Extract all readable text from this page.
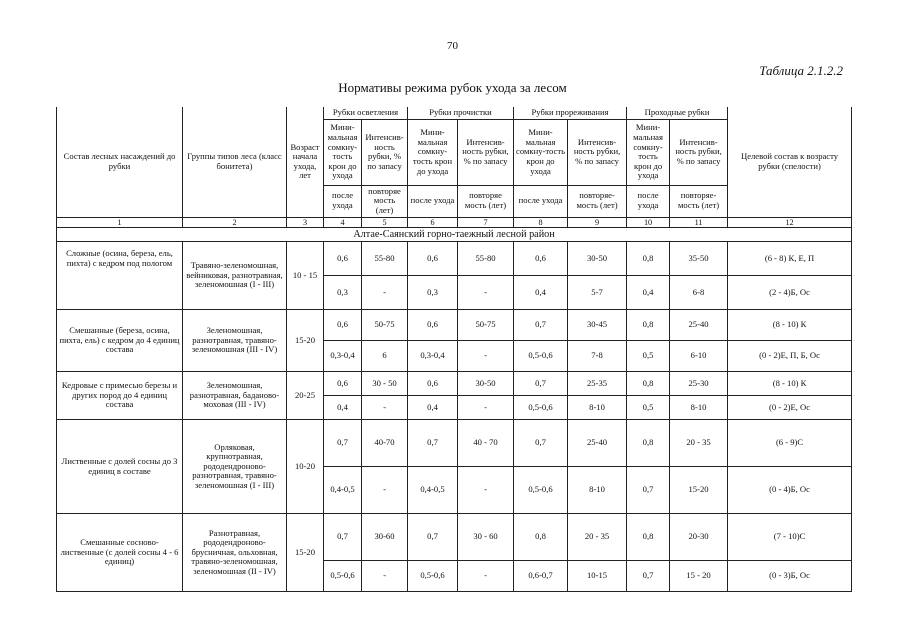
70
Таблица 2.1.2.2
Нормативы режима рубок ухода за лесом
Состав лесных насаждений до рубки	Группы типов леса (класс бонитета)	Возраст начала ухода, лет	Рубки осветления		Рубки прочистки		Рубки прореживания		Проходные рубки		Целевой состав к возрасту рубки (спелости)
			Мини-мальная сомкну-тость крон до ухода	Интенсив-ность рубки, % по запасу	Мини-мальная сомкну-тость крон до ухода	Интенсив-ность рубки, % по запасу	Мини-мальная сомкну-тость крон до ухода	Интенсив-ность рубки, % по запасу	Мини-мальная сомкну-тость крон до ухода	Интенсив-ность рубки, % по запасу	
			после ухода	повторяе мость (лет)	после ухода	повторяе мость (лет)	после ухода	повторяе-мость (лет)	после ухода	повторяе-мость (лет)	
1	2	3	4	5	6	7	8	9	10	11	12
Алтае-Саянский горно-таежный лесной район											
Сложные (осина, береза, ель, пихта) с кедром под пологом	Травяно-зеленомошная, вейниковая, разнотравная, зеленомошная (I - III)	10 - 15	0,6	55-80	0,6	55-80	0,6	30-50	0,8	35-50	(6 - 8) К, Е, П
			0,3	-	0,3	-	0,4	5-7	0,4	6-8	(2 - 4)Б, Ос
Смешанные (береза, осина, пихта, ель) с кедром до 4 единиц состава	Зеленомошная, разнотравная, травяно-зеленомошная (III - IV)	15-20	0,6	50-75	0,6	50-75	0,7	30-45	0,8	25-40	(8 - 10) К
			0,3-0,4	6	0,3-0,4	-	0,5-0,6	7-8	0,5	6-10	(0 - 2)Е, П, Б, Ос
Кедровые с примесью березы и других пород до 4 единиц состава	Зеленомошная, разнотравная, баданово-моховая (III - IV)	20-25	0,6	30 - 50	0,6	30-50	0,7	25-35	0,8	25-30	(8 - 10) К
			0,4	-	0,4	-	0,5-0,6	8-10	0,5	8-10	(0 - 2)Е, Ос
Лиственные с долей сосны до 3 единиц в составе	Орляковая, крупнотравная, рододендроново-разнотравная, травяно-зеленомошная (I - III)	10-20	0,7	40-70	0,7	40 - 70	0,7	25-40	0,8	20 - 35	(6 - 9)С
			0,4-0,5	-	0,4-0,5	-	0,5-0,6	8-10	0,7	15-20	(0 - 4)Б, Ос
Смешанные сосново-лиственные (с долей сосны 4 - 6 единиц)	Разнотравная, рододендроново-брусничная, ольховная, травяно-зеленомошная, зеленомошная (II - IV)	15-20	0,7	30-60	0,7	30 - 60	0,8	20 - 35	0,8	20-30	(7 - 10)С
			0,5-0,6	-	0,5-0,6	-	0,6-0,7	10-15	0,7	15 - 20	(0 - 3)Б, Ос
